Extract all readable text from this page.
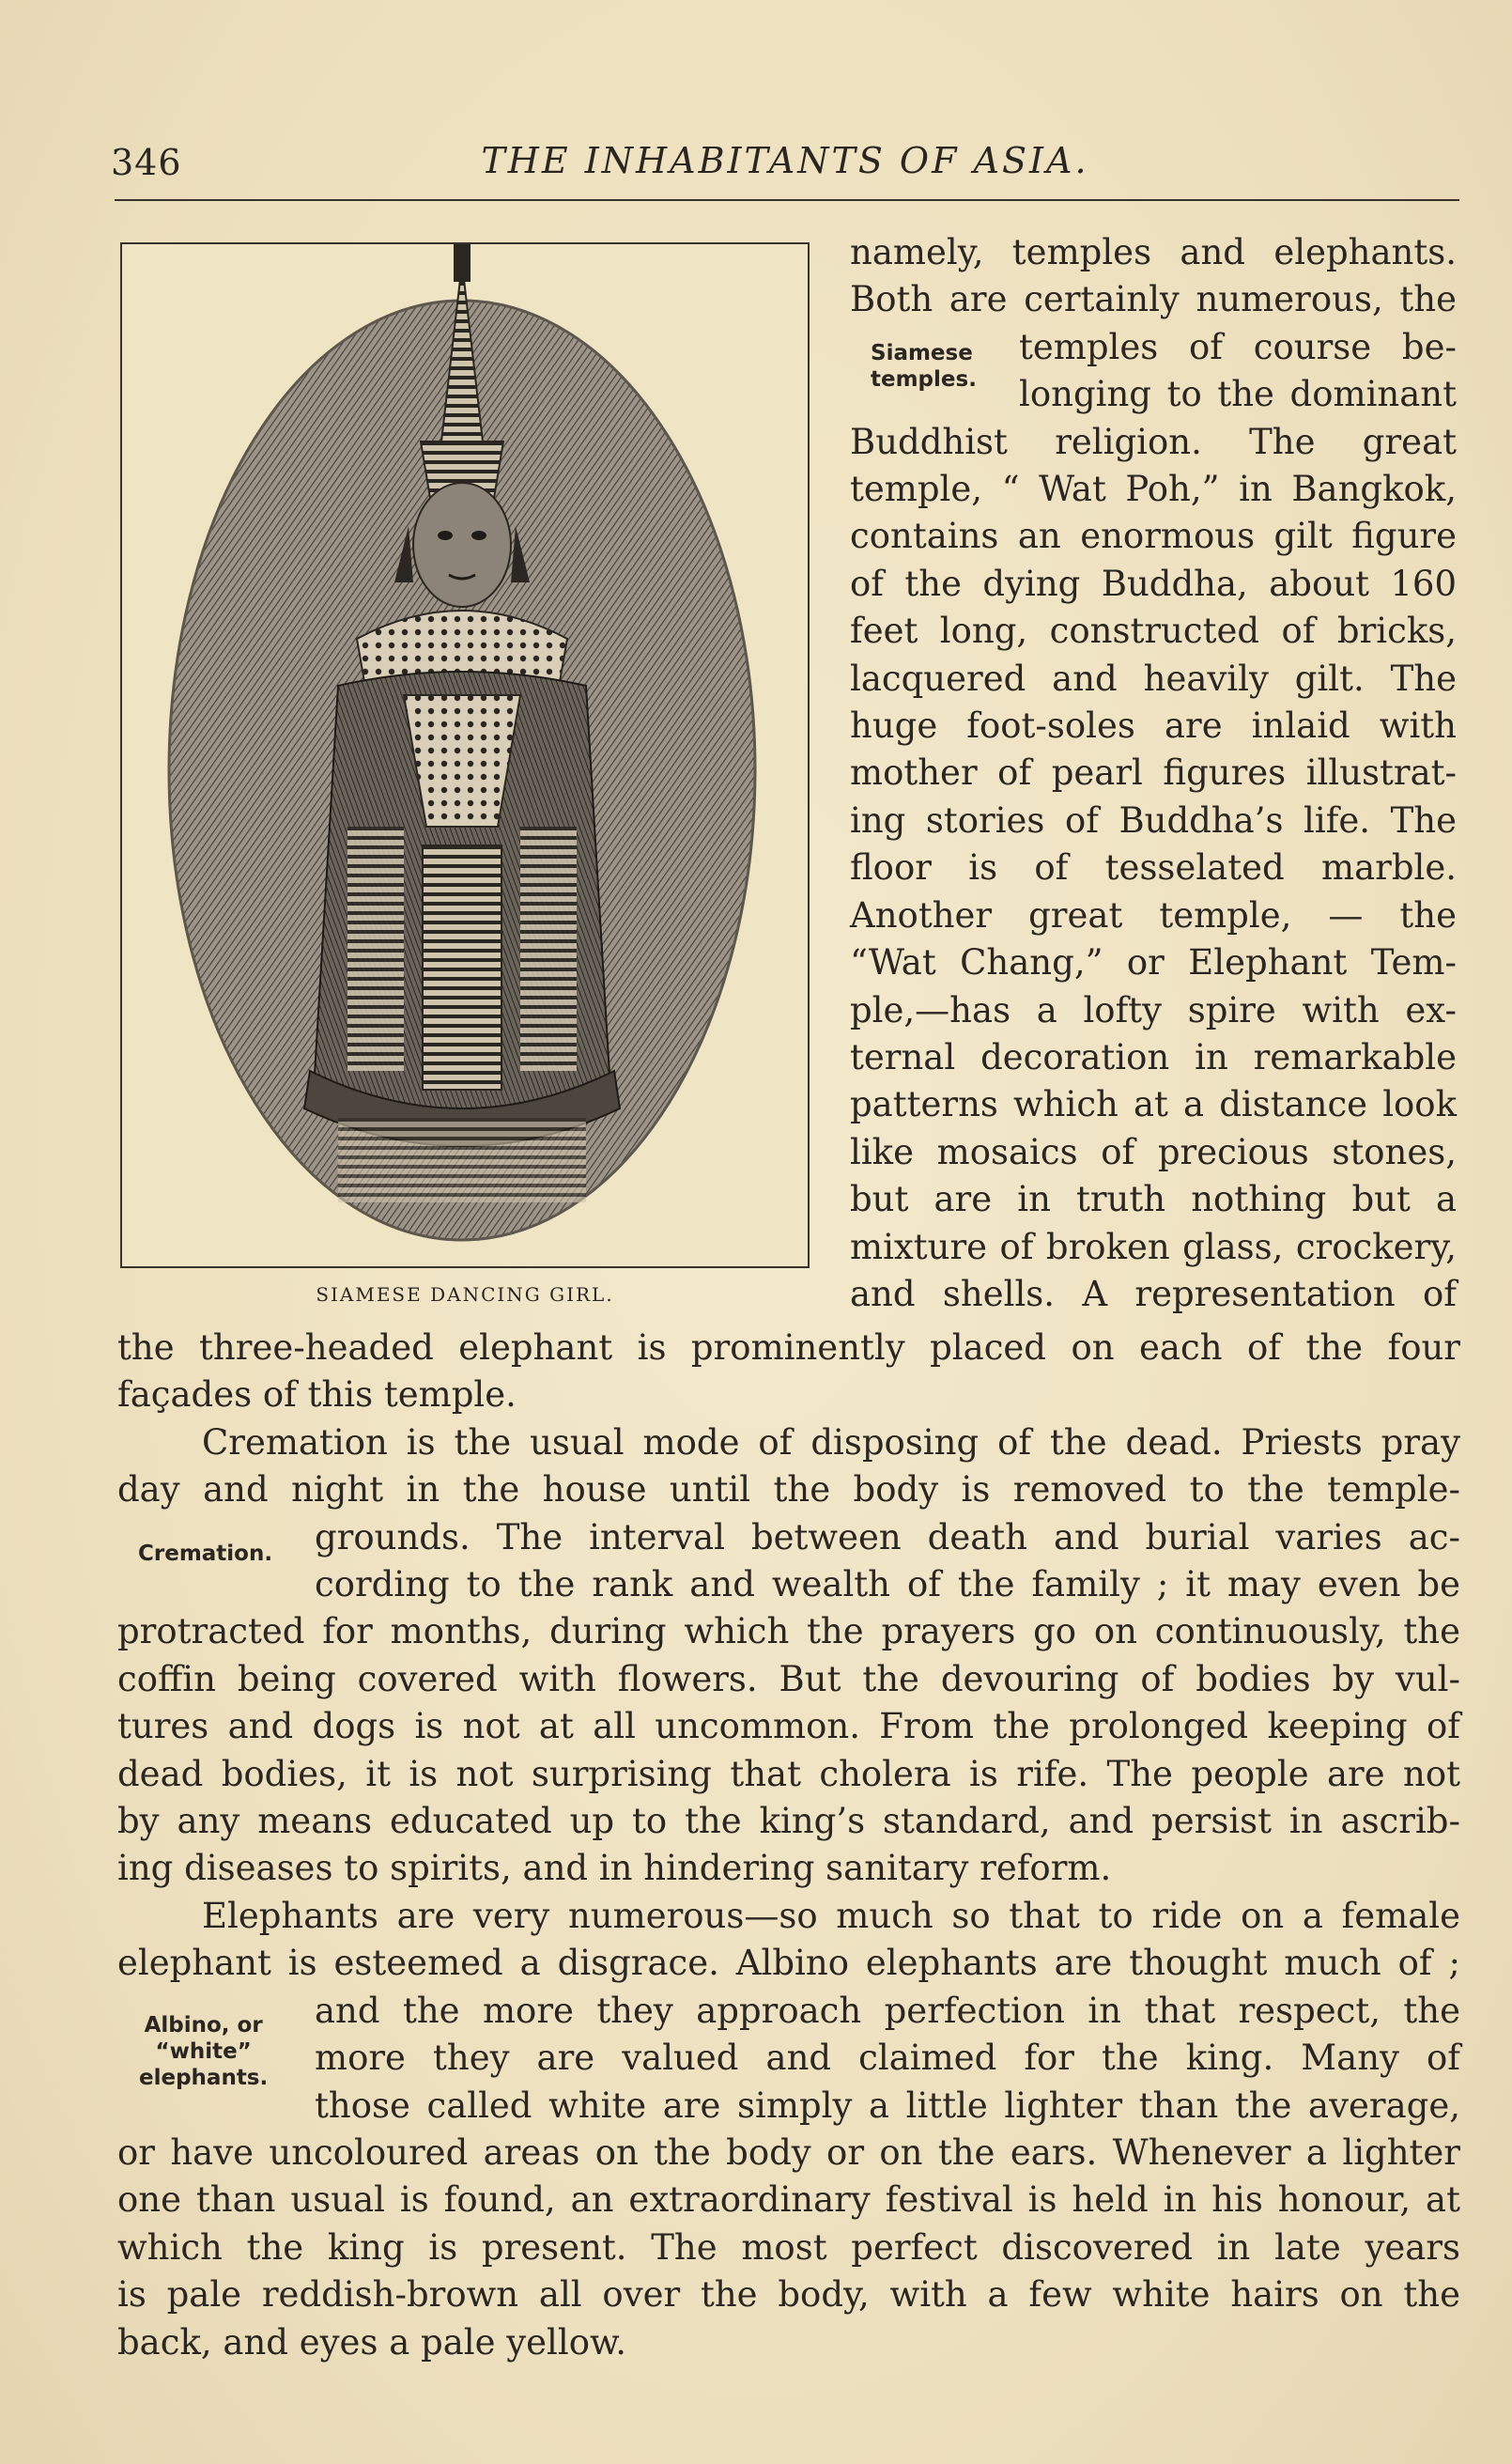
346	THE INHABITANTS OF ASIA.
SIAMESE DANCING GIRL.
Siamese
temples.
namely, temples and elephants.
Both are certainly numerous, the
temples of course be-
longing to the dominant
Buddhist religion. The great
temple, “ Wat Poh,” in Bangkok,
contains an enormous gilt figure
of the dying Buddha, about 160
feet long, constructed of bricks,
lacquered and heavily gilt. The
huge foot-soles are inlaid with
mother of pearl figures illustrat-
ing stories of Buddha’s life. The
floor is of tesselated marble.
Another great temple, — the
“Wat Chang,” or Elephant Tem-
ple,—has a lofty spire with ex-
ternal decoration in remarkable
patterns which at a distance look
like mosaics of precious stones,
but are in truth nothing but a
mixture of broken glass, crockery,
and shells. A representation of
Cremation.
Albino, or
“white”
elephants.
the three-headed elephant is prominently placed on each of the four
façades of this temple.
Cremation is the usual mode of disposing of the dead. Priests pray
day and night in the house until the body is removed to the temple-
grounds. The interval between death and burial varies ac-
cording to the rank and wealth of the family ; it may even be
protracted for months, during which the prayers go on continuously, the
coffin being covered with flowers. But the devouring of bodies by vul-
tures and dogs is not at all uncommon. From the prolonged keeping of
dead bodies, it is not surprising that cholera is rife. The people are not
by any means educated up to the king’s standard, and persist in ascrib-
ing diseases to spirits, and in hindering sanitary reform.
Elephants are very numerous—so much so that to ride on a female
elephant is esteemed a disgrace. Albino elephants are thought much of ;
and the more they approach perfection in that respect, the
more they are valued and claimed for the king. Many of
those called white are simply a little lighter than the average,
or have uncoloured areas on the body or on the ears. Whenever a lighter
one than usual is found, an extraordinary festival is held in his honour, at
which the king is present. The most perfect discovered in late years
is pale reddish-brown all over the body, with a few white hairs on the
back, and eyes a pale yellow.
